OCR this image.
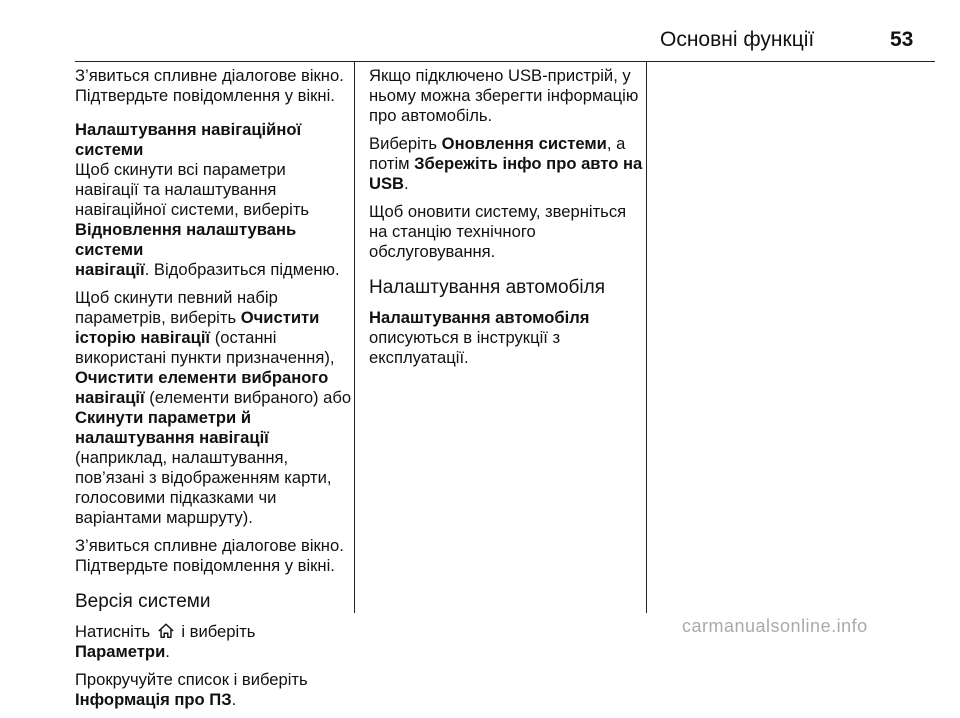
Основні функції	53

З’явиться спливне діалогове вікно.
Підтвердьте повідомлення у вікні.

Налаштування навігаційної
системи

Щоб скинути всі параметри
навігації та налаштування
навігаційної системи, виберіть
Відновлення налаштувань системи
навігації. Відобразиться підменю.

Щоб скинути певний набір
параметрів, виберіть Очистити
історію навігації (останні
використані пункти призначення),
Очистити елементи вибраного
навігації (елементи вибраного) або
Скинути параметри й
налаштування навігації
(наприклад, налаштування,
пов’язані з відображенням карти,
голосовими підказками чи
варіантами маршруту).

З’явиться спливне діалогове вікно.
Підтвердьте повідомлення у вікні.

Версія системи

Натисніть  і виберіть Параметри.

Прокручуйте список і виберіть
Інформація про ПЗ.

Якщо підключено USB-пристрій, у
ньому можна зберегти інформацію
про автомобіль.

Виберіть Оновлення системи, а
потім Збережіть інфо про авто на
USB.

Щоб оновити систему, зверніться
на станцію технічного
обслуговування.

Налаштування автомобіля

Налаштування автомобіля
описуються в інструкції з
експлуатації.

carmanualsonline.info
